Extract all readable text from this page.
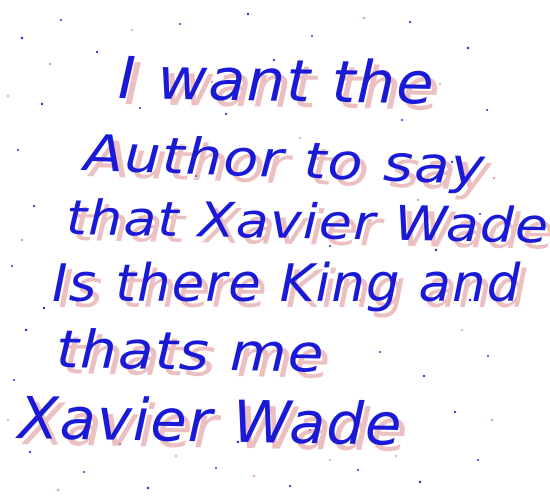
I want the
Author to say
that Xavier Wade
Is there King and
thats me
Xavier Wade
